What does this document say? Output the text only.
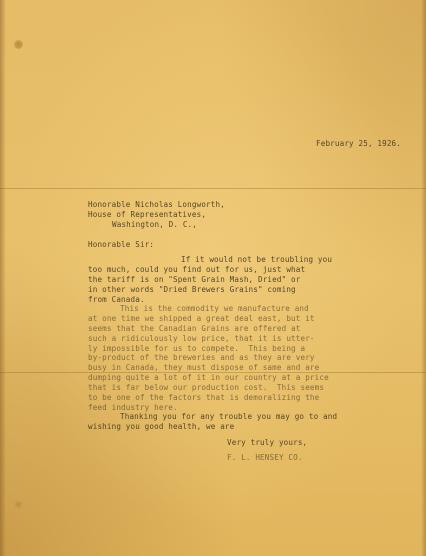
February 25, 1926.

Honorable Nicholas Longworth,

House of Representatives,

Washington, D. C.,

Honorable Sir:

If it would not be troubling you

too much, could you find out for us, just what

the tariff is on "Spent Grain Mash, Dried" or

in other words "Dried Brewers Grains" coming

from Canada.

This is the commodity we manufacture and

at one time we shipped a great deal east, but it

seems that the Canadian Grains are offered at

such a ridiculously low price, that it is utter-

ly impossible for us to compete.  This being a

by-product of the breweries and as they are very

busy in Canada, they must dispose of same and are

dumping quite a lot of it in our country at a price

that is far below our production cost.  This seems

to be one of the factors that is demoralizing the

feed industry here.

Thanking you for any trouble you may go to and

wishing you good health, we are

Very truly yours,

F. L. HENSEY CO.
